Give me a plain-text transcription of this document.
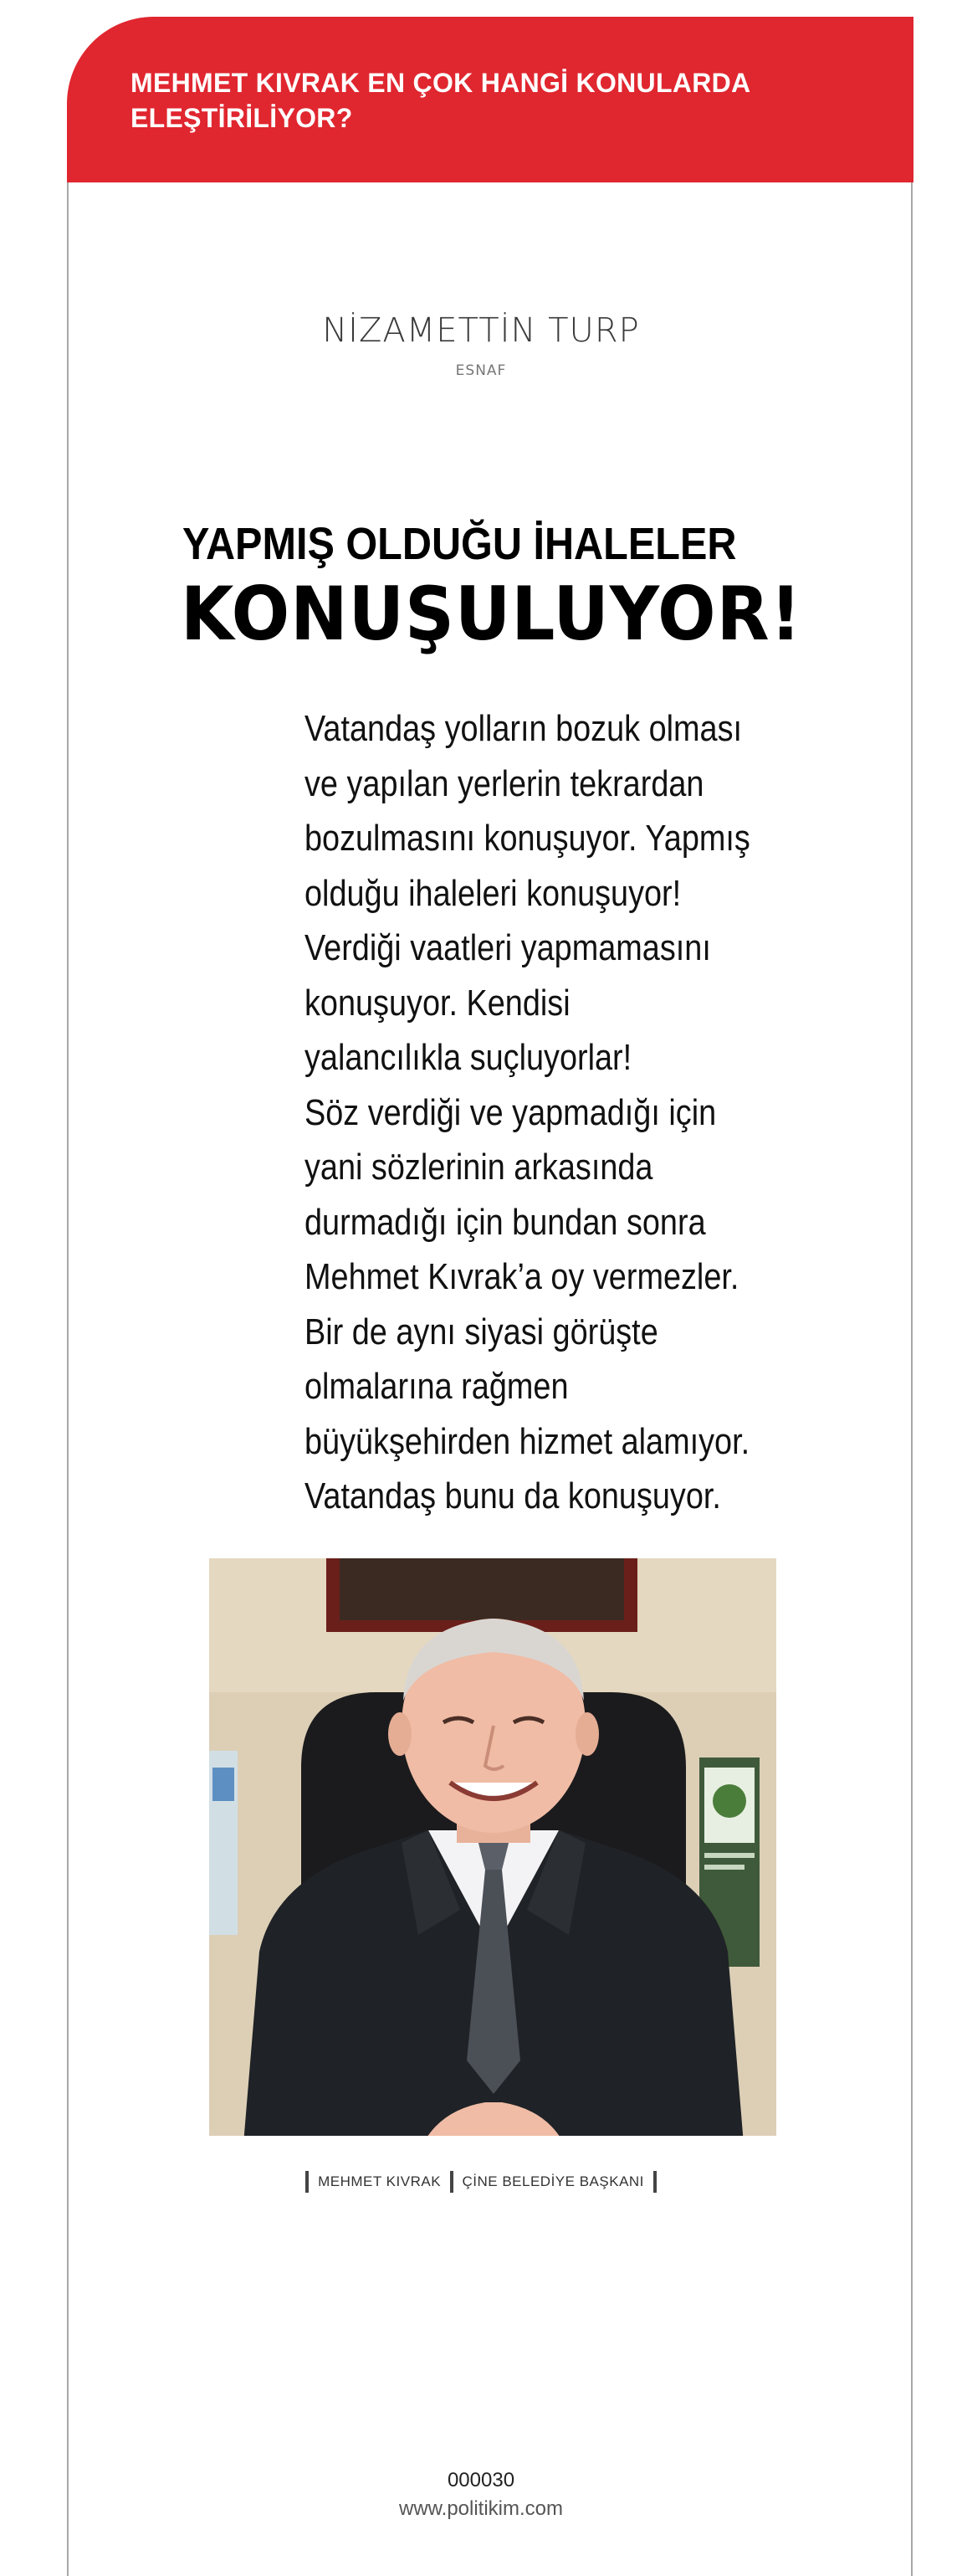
MEHMET KIVRAK EN ÇOK HANGİ KONULARDA
ELEŞTİRİLİYOR?
NİZAMETTİN TURP
ESNAF
YAPMIŞ OLDUĞU İHALELER
KONUŞULUYOR!
Vatandaş yolların bozuk olması
ve yapılan yerlerin tekrardan
bozulmasını konuşuyor. Yapmış
olduğu ihaleleri konuşuyor!
Verdiği vaatleri yapmamasını
konuşuyor. Kendisi
yalancılıkla suçluyorlar!
Söz verdiği ve yapmadığı için
yani sözlerinin arkasında
durmadığı için bundan sonra
Mehmet Kıvrak’a oy vermezler.
Bir de aynı siyasi görüşte
olmalarına rağmen
büyükşehirden hizmet alamıyor.
Vatandaş bunu da konuşuyor.
MEHMET KIVRAK ÇİNE BELEDİYE BAŞKANI
000030
www.politikim.com
